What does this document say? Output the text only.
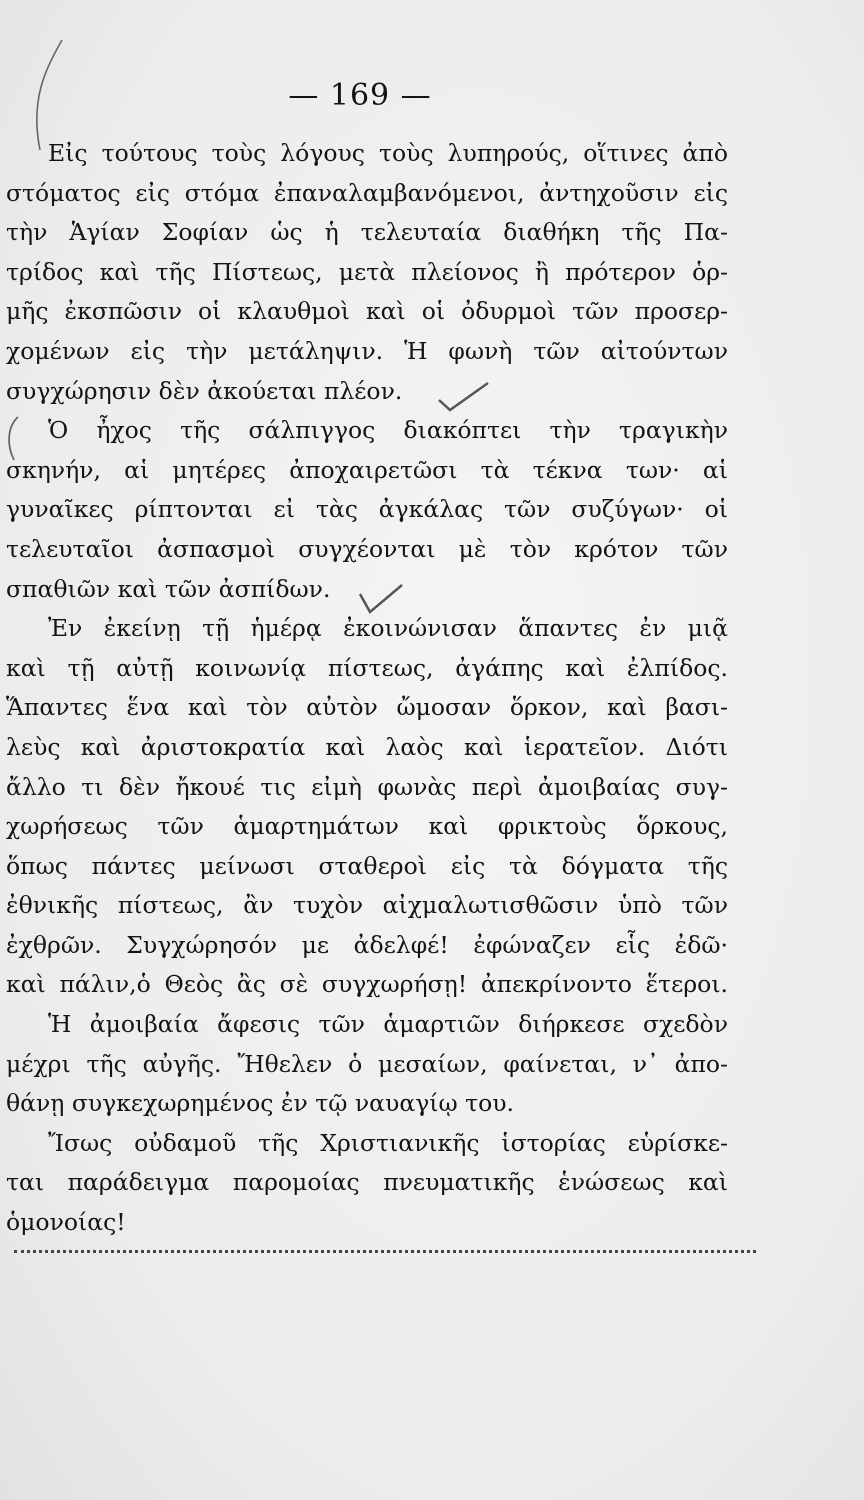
— 169 —
Εἰς τούτους τοὺς λόγους τοὺς λυπηρούς, οἵτινες ἀπὸ
στόματος εἰς στόμα ἐπαναλαμβανόμενοι, ἀντηχοῦσιν εἰς
τὴν Ἁγίαν Σοφίαν ὡς ἡ τελευταία διαθήκη τῆς Πα-
τρίδος καὶ τῆς Πίστεως, μετὰ πλείονος ἢ πρότερον ὁρ-
μῆς ἐκσπῶσιν οἱ κλαυθμοὶ καὶ οἱ ὀδυρμοὶ τῶν προσερ-
χομένων εἰς τὴν μετάληψιν. Ἡ φωνὴ τῶν αἰτούντων
συγχώρησιν δὲν ἀκούεται πλέον.
Ὁ ἦχος τῆς σάλπιγγος διακόπτει τὴν τραγικὴν
σκηνήν, αἱ μητέρες ἀποχαιρετῶσι τὰ τέκνα των· αἱ
γυναῖκες ρίπτονται εἰ τὰς ἀγκάλας τῶν συζύγων· οἱ
τελευταῖοι ἀσπασμοὶ συγχέονται μὲ τὸν κρότον τῶν
σπαθιῶν καὶ τῶν ἀσπίδων.
Ἐν ἐκείνῃ τῇ ἡμέρᾳ ἐκοινώνισαν ἅπαντες ἐν μιᾷ
καὶ τῇ αὐτῇ κοινωνίᾳ πίστεως, ἀγάπης καὶ ἐλπίδος.
Ἅπαντες ἕνα καὶ τὸν αὐτὸν ὤμοσαν ὅρκον, καὶ βασι-
λεὺς καὶ ἀριστοκρατία καὶ λαὸς καὶ ἱερατεῖον. Διότι
ἄλλο τι δὲν ἤκουέ τις εἰμὴ φωνὰς περὶ ἀμοιβαίας συγ-
χωρήσεως τῶν ἁμαρτημάτων καὶ φρικτοὺς ὅρκους,
ὅπως πάντες μείνωσι σταθεροὶ εἰς τὰ δόγματα τῆς
ἐθνικῆς πίστεως, ἂν τυχὸν αἰχμαλωτισθῶσιν ὑπὸ τῶν
ἐχθρῶν. Συγχώρησόν με ἀδελφέ! ἐφώναζεν εἷς ἐδῶ·
καὶ πάλιν,ὁ Θεὸς ἂς σὲ συγχωρήσῃ! ἀπεκρίνοντο ἕτεροι.
Ἡ ἀμοιβαία ἄφεσις τῶν ἁμαρτιῶν διήρκεσε σχεδὸν
μέχρι τῆς αὐγῆς. Ἤθελεν ὁ μεσαίων, φαίνεται, ν᾽ ἀπο-
θάνῃ συγκεχωρημένος ἐν τῷ ναυαγίῳ του.
Ἴσως οὐδαμοῦ τῆς Χριστιανικῆς ἱστορίας εὑρίσκε-
ται παράδειγμα παρομοίας πνευματικῆς ἑνώσεως καὶ
ὁμονοίας!
